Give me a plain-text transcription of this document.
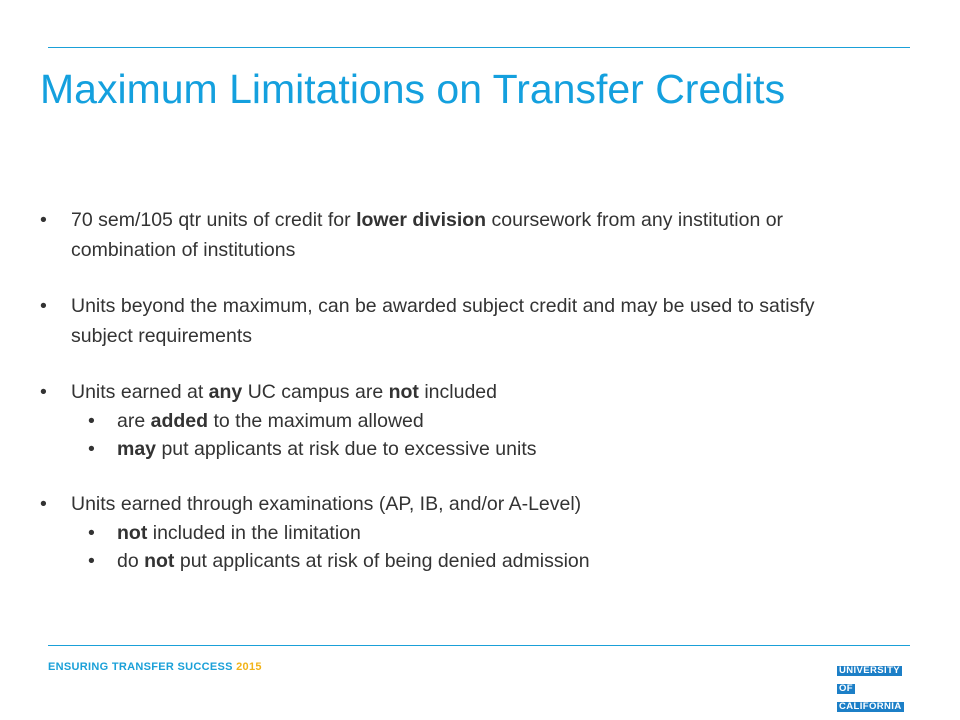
Maximum Limitations on Transfer Credits
• 70 sem/105 qtr units of credit for lower division coursework from any institution or combination of institutions
• Units beyond the maximum, can be awarded subject credit and may be used to satisfy subject requirements
• Units earned at any UC campus are not included
• are added to the maximum allowed
• may put applicants at risk due to excessive units
• Units earned through examinations (AP, IB, and/or A-Level)
• not included in the limitation
• do not put applicants at risk of being denied admission
ENSURING TRANSFER SUCCESS 2015	UNIVERSITY
OF
CALIFORNIA
